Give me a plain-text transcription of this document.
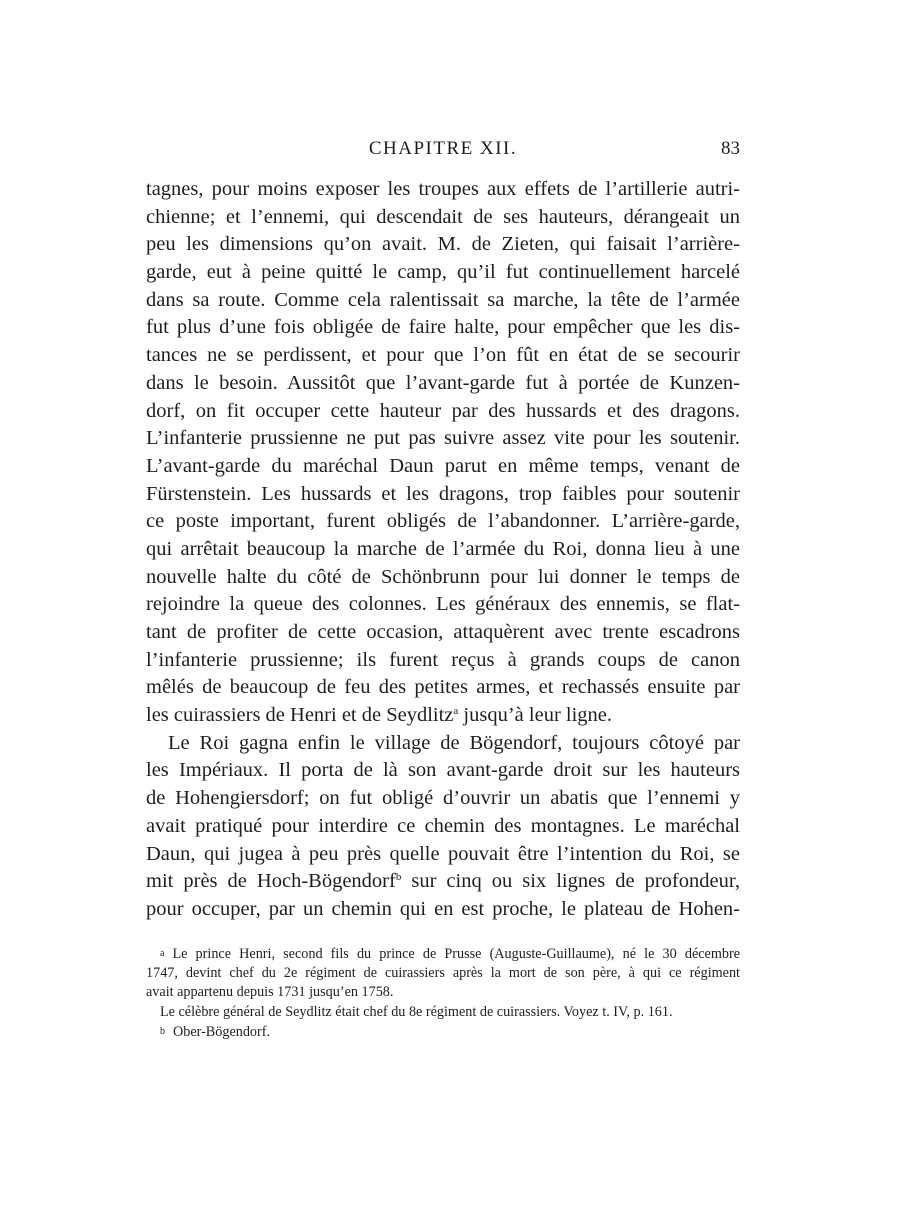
CHAPITRE XII.	83
tagnes, pour moins exposer les troupes aux effets de l’artillerie autri-
chienne; et l’ennemi, qui descendait de ses hauteurs, dérangeait un
peu les dimensions qu’on avait. M. de Zieten, qui faisait l’arrière-
garde, eut à peine quitté le camp, qu’il fut continuellement harcelé
dans sa route. Comme cela ralentissait sa marche, la tête de l’armée
fut plus d’une fois obligée de faire halte, pour empêcher que les dis-
tances ne se perdissent, et pour que l’on fût en état de se secourir
dans le besoin. Aussitôt que l’avant-garde fut à portée de Kunzen-
dorf, on fit occuper cette hauteur par des hussards et des dragons.
L’infanterie prussienne ne put pas suivre assez vite pour les soutenir.
L’avant-garde du maréchal Daun parut en même temps, venant de
Fürstenstein. Les hussards et les dragons, trop faibles pour soutenir
ce poste important, furent obligés de l’abandonner. L’arrière-garde,
qui arrêtait beaucoup la marche de l’armée du Roi, donna lieu à une
nouvelle halte du côté de Schönbrunn pour lui donner le temps de
rejoindre la queue des colonnes. Les généraux des ennemis, se flat-
tant de profiter de cette occasion, attaquèrent avec trente escadrons
l’infanterie prussienne; ils furent reçus à grands coups de canon
mêlés de beaucoup de feu des petites armes, et rechassés ensuite par
les cuirassiers de Henri et de Seydlitz$^a$ jusqu’à leur ligne.
Le Roi gagna enfin le village de Bögendorf, toujours côtoyé par
les Impériaux. Il porta de là son avant-garde droit sur les hauteurs
de Hohengiersdorf; on fut obligé d’ouvrir un abatis que l’ennemi y
avait pratiqué pour interdire ce chemin des montagnes. Le maréchal
Daun, qui jugea à peu près quelle pouvait être l’intention du Roi, se
mit près de Hoch-Bögendorf$^b$ sur cinq ou six lignes de profondeur,
pour occuper, par un chemin qui en est proche, le plateau de Hohen-
a Le prince Henri, second fils du prince de Prusse (Auguste-Guillaume), né le 30 décembre
1747, devint chef du 2e régiment de cuirassiers après la mort de son père, à qui ce régiment
avait appartenu depuis 1731 jusqu’en 1758.
Le célèbre général de Seydlitz était chef du 8e régiment de cuirassiers. Voyez t. IV, p. 161.
b Ober-Bögendorf.
